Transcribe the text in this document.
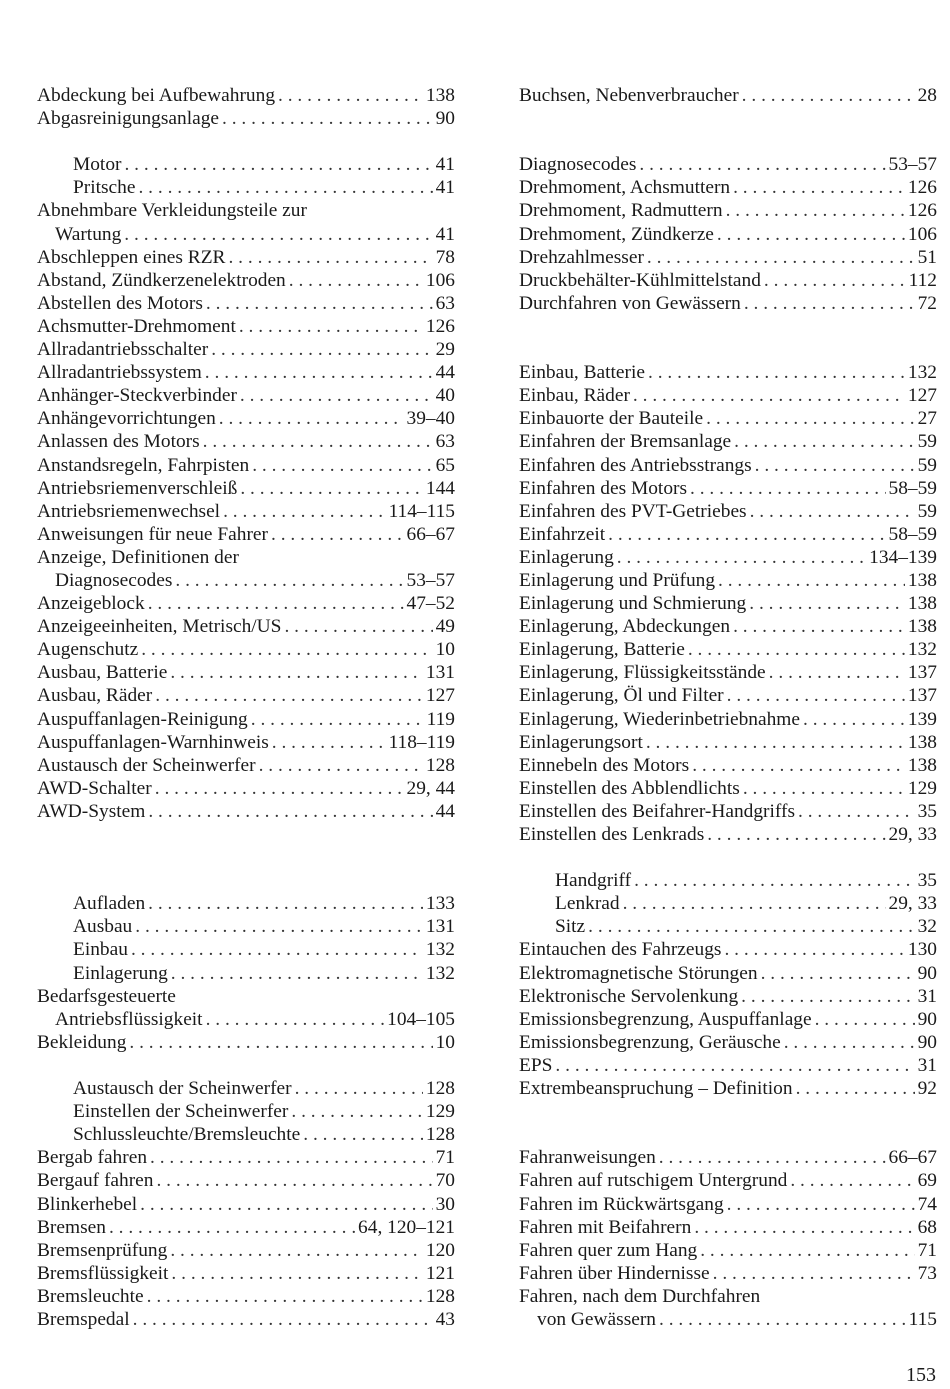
Abdeckung bei Aufbewahrung . . .	138
Abgasreinigungsanlage . . .	90
Motor . . .	41
Pritsche . . .	41
Abnehmbare Verkleidungsteile zur
Wartung . . .	41
Abschleppen eines RZR . . .	78
Abstand, Zündkerzenelektroden . . .	106
Abstellen des Motors . . .	63
Achsmutter-Drehmoment . . .	126
Allradantriebsschalter . . .	29
Allradantriebssystem . . .	44
Anhänger-Steckverbinder . . .	40
Anhängevorrichtungen . . .	39–40
Anlassen des Motors . . .	63
Anstandsregeln, Fahrpisten . . .	65
Antriebsriemenverschleiß . . .	144
Antriebsriemenwechsel . . .	114–115
Anweisungen für neue Fahrer . . .	66–67
Anzeige, Definitionen der
Diagnosecodes . . .	53–57
Anzeigeblock . . .	47–52
Anzeigeeinheiten, Metrisch/US . . .	49
Augenschutz . . .	10
Ausbau, Batterie . . .	131
Ausbau, Räder . . .	127
Auspuffanlagen-Reinigung . . .	119
Auspuffanlagen-Warnhinweis . . .	118–119
Austausch der Scheinwerfer . . .	128
AWD-Schalter . . .	29, 44
AWD-System . . .	44
Aufladen . . .	133
Ausbau . . .	131
Einbau . . .	132
Einlagerung . . .	132
Bedarfsgesteuerte
Antriebsflüssigkeit . . .	104–105
Bekleidung . . .	10
Austausch der Scheinwerfer . . .	128
Einstellen der Scheinwerfer . . .	129
Schlussleuchte/Bremsleuchte . . .	128
Bergab fahren . . .	71
Bergauf fahren . . .	70
Blinkerhebel . . .	30
Bremsen . . .	64, 120–121
Bremsenprüfung . . .	120
Bremsflüssigkeit . . .	121
Bremsleuchte . . .	128
Bremspedal . . .	43
Buchsen, Nebenverbraucher . . .	28
Diagnosecodes . . .	53–57
Drehmoment, Achsmuttern . . .	126
Drehmoment, Radmuttern . . .	126
Drehmoment, Zündkerze . . .	106
Drehzahlmesser . . .	51
Druckbehälter-Kühlmittelstand . . .	112
Durchfahren von Gewässern . . .	72
Einbau, Batterie . . .	132
Einbau, Räder . . .	127
Einbauorte der Bauteile . . .	27
Einfahren der Bremsanlage . . .	59
Einfahren des Antriebsstrangs . . .	59
Einfahren des Motors . . .	58–59
Einfahren des PVT-Getriebes . . .	59
Einfahrzeit . . .	58–59
Einlagerung . . .	134–139
Einlagerung und Prüfung . . .	138
Einlagerung und Schmierung . . .	138
Einlagerung, Abdeckungen . . .	138
Einlagerung, Batterie . . .	132
Einlagerung, Flüssigkeitsstände . . .	137
Einlagerung, Öl und Filter . . .	137
Einlagerung, Wiederinbetriebnahme . . .	139
Einlagerungsort . . .	138
Einnebeln des Motors . . .	138
Einstellen des Abblendlichts . . .	129
Einstellen des Beifahrer-Handgriffs . . .	35
Einstellen des Lenkrads . . .	29, 33
Handgriff . . .	35
Lenkrad . . .	29, 33
Sitz . . .	32
Eintauchen des Fahrzeugs . . .	130
Elektromagnetische Störungen . . .	90
Elektronische Servolenkung . . .	31
Emissionsbegrenzung, Auspuffanlage . . .	90
Emissionsbegrenzung, Geräusche . . .	90
EPS . . .	31
Extrembeanspruchung – Definition . . .	92
Fahranweisungen . . .	66–67
Fahren auf rutschigem Untergrund . . .	69
Fahren im Rückwärtsgang . . .	74
Fahren mit Beifahrern . . .	68
Fahren quer zum Hang . . .	71
Fahren über Hindernisse . . .	73
Fahren, nach dem Durchfahren
von Gewässern . . .	115
153
